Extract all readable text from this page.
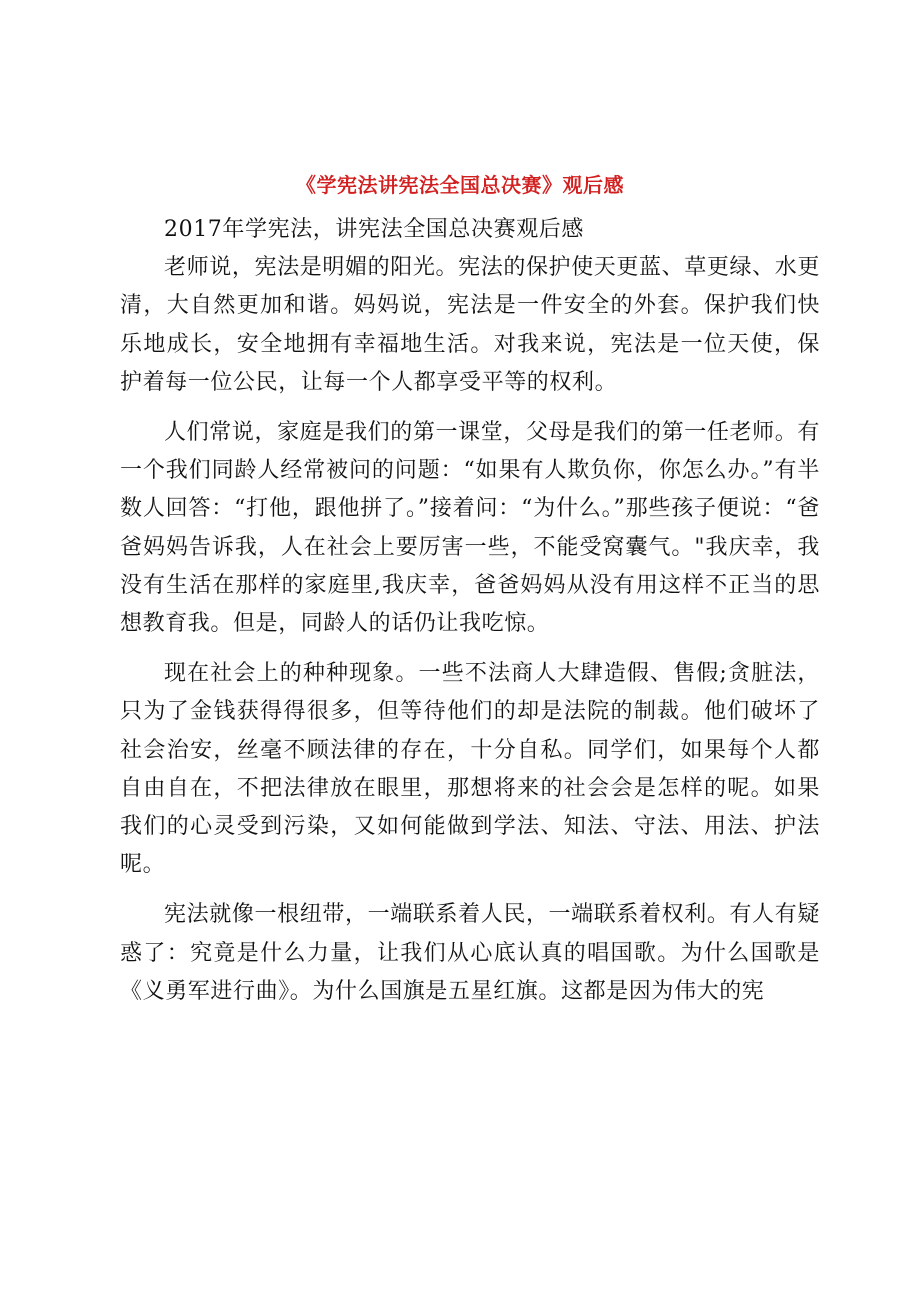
《学宪法讲宪法全国总决赛》观后感

2017年学宪法，讲宪法全国总决赛观后感

老师说，宪法是明媚的阳光。宪法的保护使天更蓝、草更绿、水更清，大自然更加和谐。妈妈说，宪法是一件安全的外套。保护我们快乐地成长，安全地拥有幸福地生活。对我来说，宪法是一位天使，保护着每一位公民，让每一个人都享受平等的权利。

人们常说，家庭是我们的第一课堂，父母是我们的第一任老师。有一个我们同龄人经常被问的问题：“如果有人欺负你，你怎么办。”有半数人回答：“打他，跟他拼了。”接着问：“为什么。”那些孩子便说：“爸爸妈妈告诉我，人在社会上要厉害一些，不能受窝囊气。"我庆幸，我没有生活在那样的家庭里,我庆幸，爸爸妈妈从没有用这样不正当的思想教育我。但是，同龄人的话仍让我吃惊。

现在社会上的种种现象。一些不法商人大肆造假、售假;贪脏法，只为了金钱获得得很多，但等待他们的却是法院的制裁。他们破坏了社会治安，丝毫不顾法律的存在，十分自私。同学们，如果每个人都自由自在，不把法律放在眼里，那想将来的社会会是怎样的呢。如果我们的心灵受到污染，又如何能做到学法、知法、守法、用法、护法呢。

宪法就像一根纽带，一端联系着人民，一端联系着权利。有人有疑惑了：究竟是什么力量，让我们从心底认真的唱国歌。为什么国歌是《义勇军进行曲》。为什么国旗是五星红旗。这都是因为伟大的宪
